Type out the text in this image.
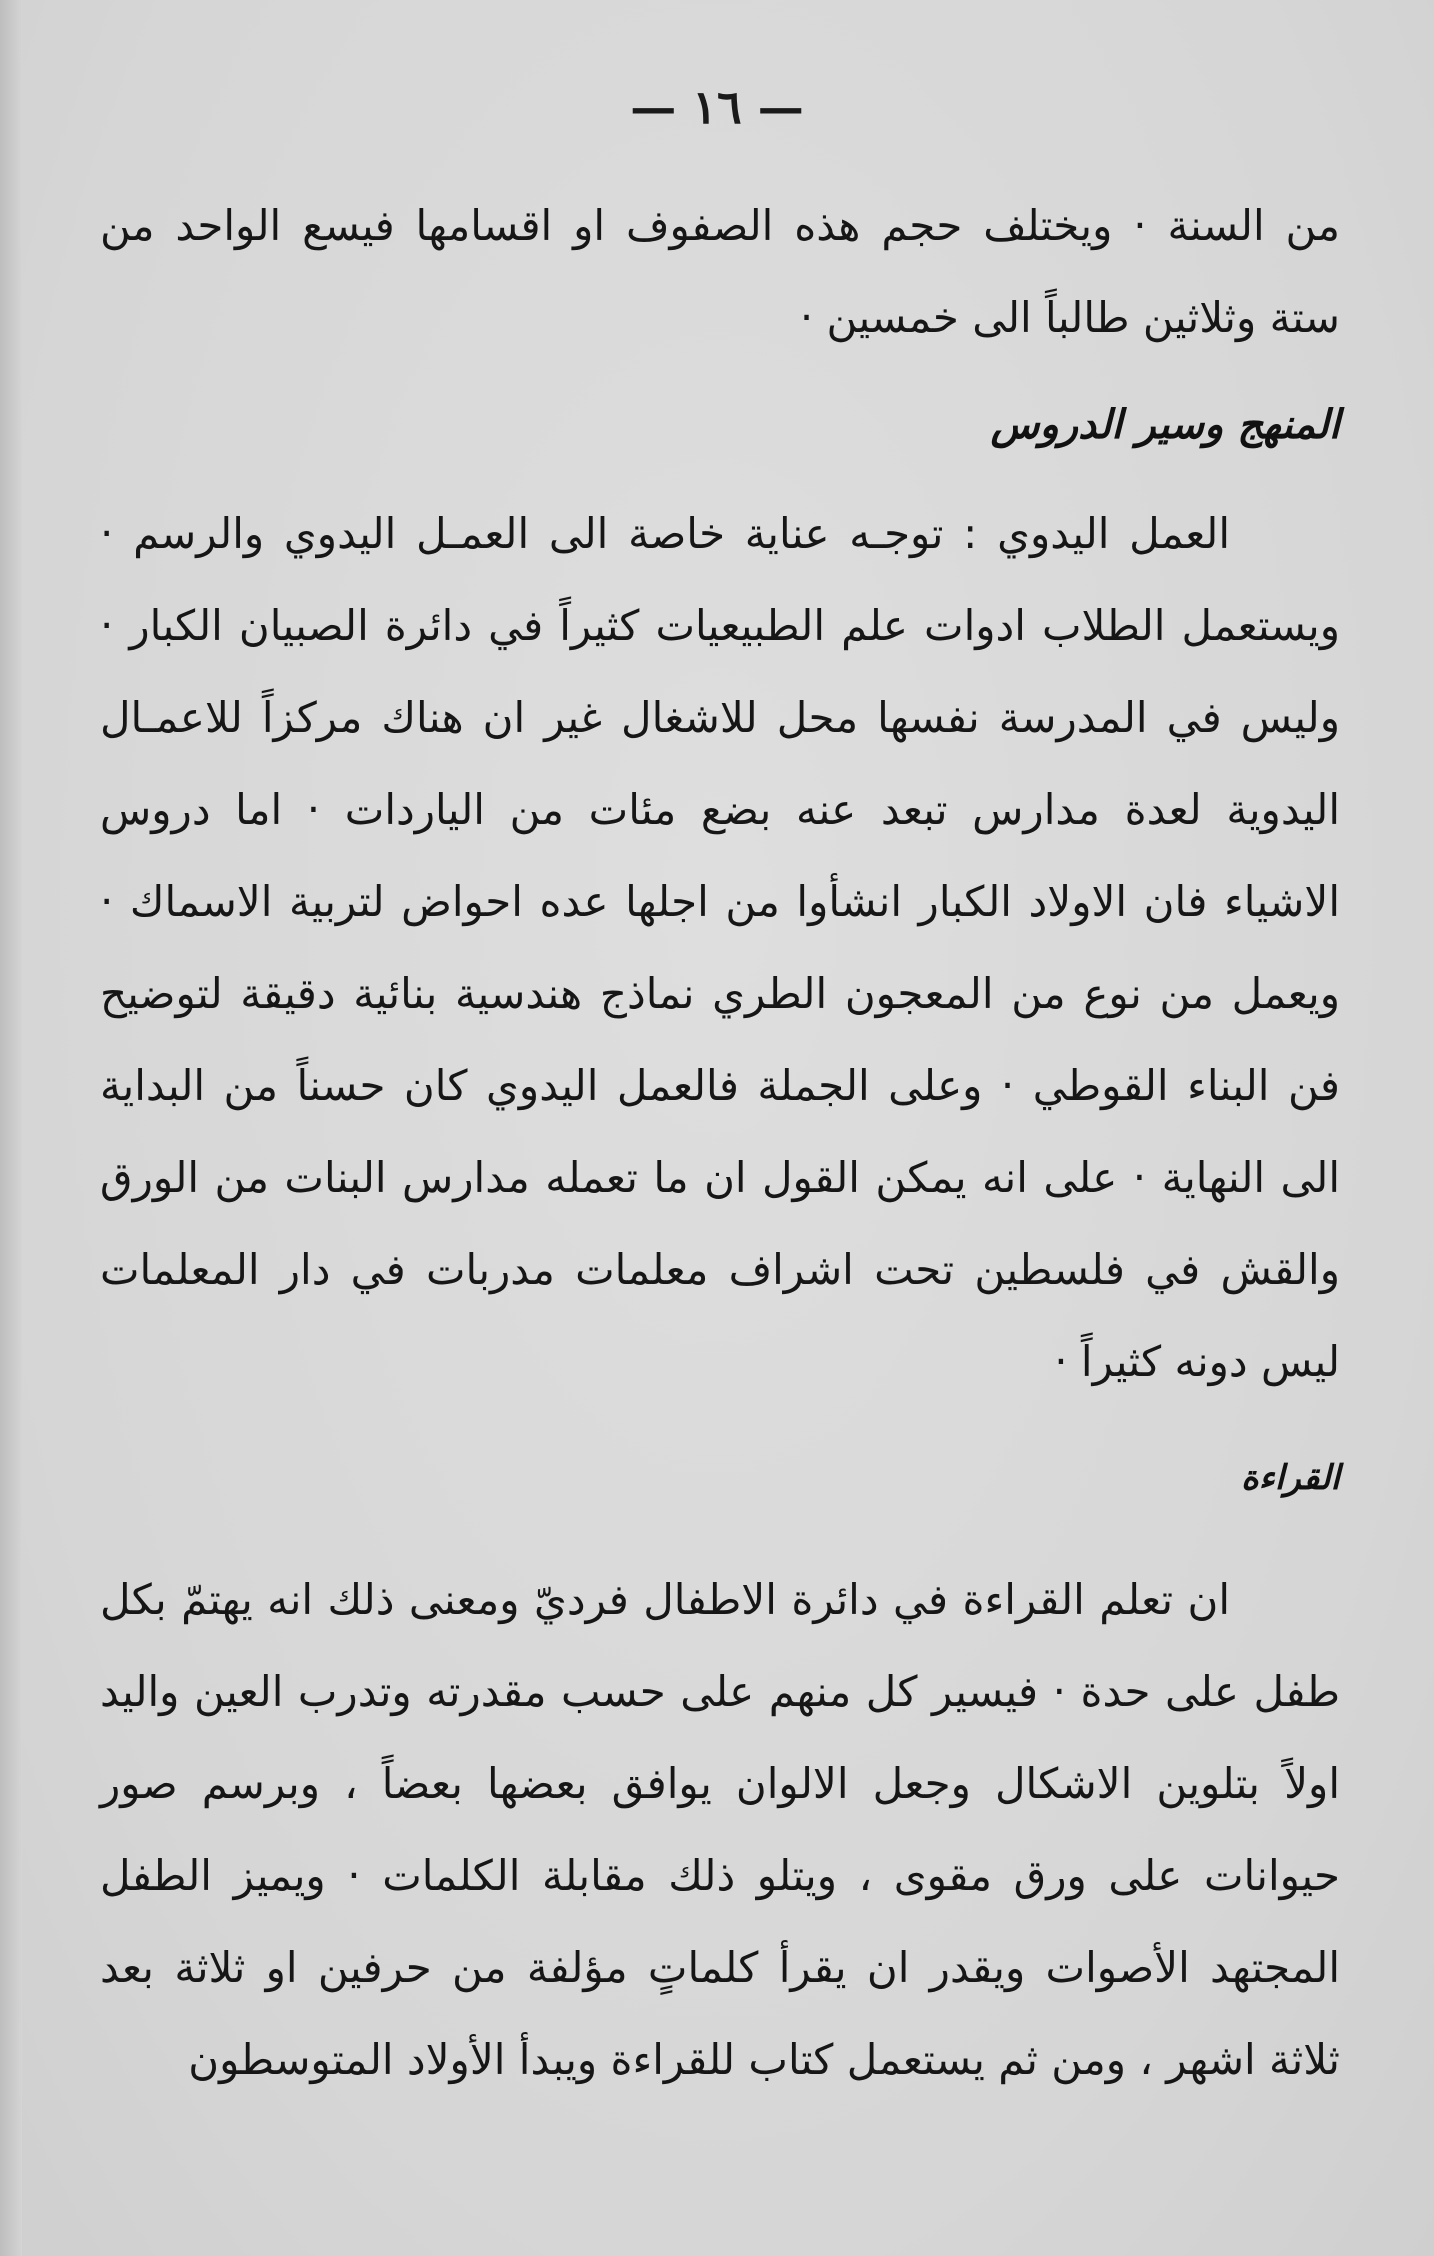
— ١٦ —

من السنة · ويختلف حجم هذه الصفوف او اقسامها فيسع الواحد من ستة وثلاثين طالباً الى خمسين ·

المنهج وسير الدروس

العمل اليدوي : توجـه عناية خاصة الى العمـل اليدوي والرسم · ويستعمل الطلاب ادوات علم الطبيعيات كثيراً في دائرة الصبيان الكبار · وليس في المدرسة نفسها محل للاشغال غير ان هناك مركزاً للاعمـال اليدوية لعدة مدارس تبعد عنه بضع مئات من الياردات · اما دروس الاشياء فان الاولاد الكبار انشأوا من اجلها عده احواض لتربية الاسماك · ويعمل من نوع من المعجون الطري نماذج هندسية بنائية دقيقة لتوضيح فن البناء القوطي · وعلى الجملة فالعمل اليدوي كان حسناً من البداية الى النهاية · على انه يمكن القول ان ما تعمله مدارس البنات من الورق والقش في فلسطين تحت اشراف معلمات مدربات في دار المعلمات ليس دونه كثيراً ·

القراءة

ان تعلم القراءة في دائرة الاطفال فرديّ ومعنى ذلك انه يهتمّ بكل طفل على حدة · فيسير كل منهم على حسب مقدرته وتدرب العين واليد اولاً بتلوين الاشكال وجعل الالوان يوافق بعضها بعضاً ، وبرسم صور حيوانات على ورق مقوى ، ويتلو ذلك مقابلة الكلمات · ويميز الطفل المجتهد الأصوات ويقدر ان يقرأ كلماتٍ مؤلفة من حرفين او ثلاثة بعد ثلاثة اشهر ، ومن ثم يستعمل كتاب للقراءة ويبدأ الأولاد المتوسطون
